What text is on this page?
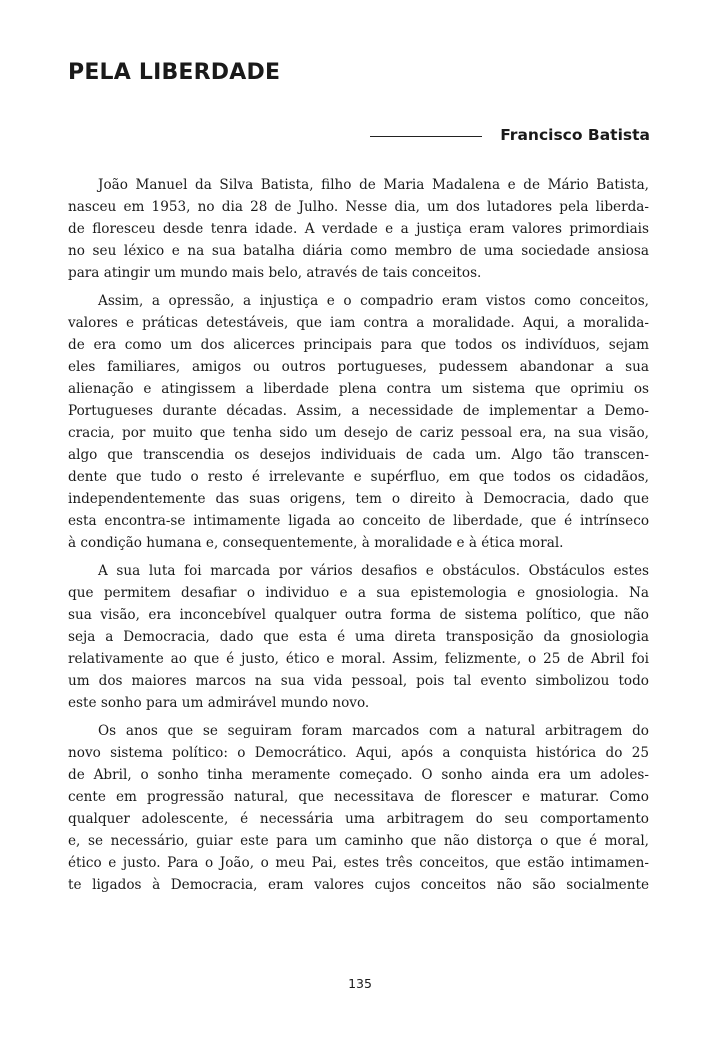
PELA LIBERDADE
Francisco Batista
João Manuel da Silva Batista, filho de Maria Madalena e de Mário Batista,
nasceu em 1953, no dia 28 de Julho. Nesse dia, um dos lutadores pela liberda-
de floresceu desde tenra idade. A verdade e a justiça eram valores primordiais
no seu léxico e na sua batalha diária como membro de uma sociedade ansiosa
para atingir um mundo mais belo, através de tais conceitos.
Assim, a opressão, a injustiça e o compadrio eram vistos como conceitos,
valores e práticas detestáveis, que iam contra a moralidade. Aqui, a moralida-
de era como um dos alicerces principais para que todos os indivíduos, sejam
eles familiares, amigos ou outros portugueses, pudessem abandonar a sua
alienação e atingissem a liberdade plena contra um sistema que oprimiu os
Portugueses durante décadas. Assim, a necessidade de implementar a Demo-
cracia, por muito que tenha sido um desejo de cariz pessoal era, na sua visão,
algo que transcendia os desejos individuais de cada um. Algo tão transcen-
dente que tudo o resto é irrelevante e supérfluo, em que todos os cidadãos,
independentemente das suas origens, tem o direito à Democracia, dado que
esta encontra-se intimamente ligada ao conceito de liberdade, que é intrínseco
à condição humana e, consequentemente, à moralidade e à ética moral.
A sua luta foi marcada por vários desafios e obstáculos. Obstáculos estes
que permitem desafiar o individuo e a sua epistemologia e gnosiologia. Na
sua visão, era inconcebível qualquer outra forma de sistema político, que não
seja a Democracia, dado que esta é uma direta transposição da gnosiologia
relativamente ao que é justo, ético e moral. Assim, felizmente, o 25 de Abril foi
um dos maiores marcos na sua vida pessoal, pois tal evento simbolizou todo
este sonho para um admirável mundo novo.
Os anos que se seguiram foram marcados com a natural arbitragem do
novo sistema político: o Democrático. Aqui, após a conquista histórica do 25
de Abril, o sonho tinha meramente começado. O sonho ainda era um adoles-
cente em progressão natural, que necessitava de florescer e maturar. Como
qualquer adolescente, é necessária uma arbitragem do seu comportamento
e, se necessário, guiar este para um caminho que não distorça o que é moral,
ético e justo. Para o João, o meu Pai, estes três conceitos, que estão intimamen-
te ligados à Democracia, eram valores cujos conceitos não são socialmente
135
